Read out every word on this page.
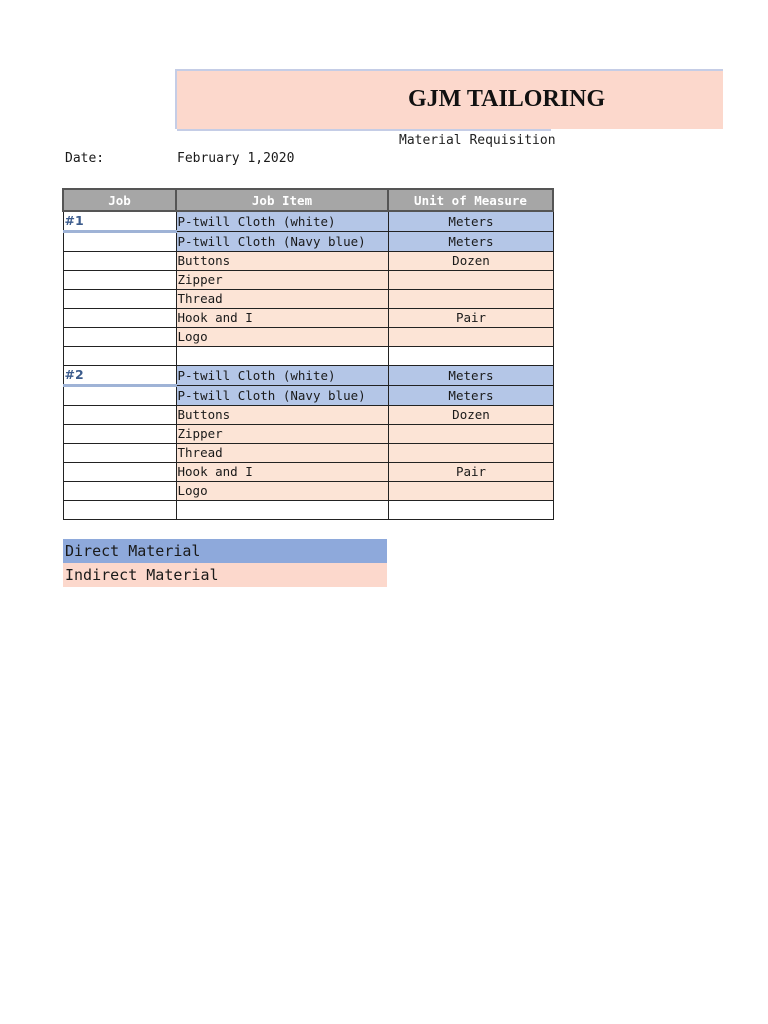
GJM TAILORING
Material Requisition
Date:	February 1,2020
Job	Job Item	Unit of Measure
#1	P-twill Cloth (white)	Meters
	P-twill Cloth (Navy blue)	Meters
	Buttons	Dozen
	Zipper	
	Thread	
	Hook and I	Pair
	Logo	

#2	P-twill Cloth (white)	Meters
	P-twill Cloth (Navy blue)	Meters
	Buttons	Dozen
	Zipper	
	Thread	
	Hook and I	Pair
	Logo	

Direct Material
Indirect Material
